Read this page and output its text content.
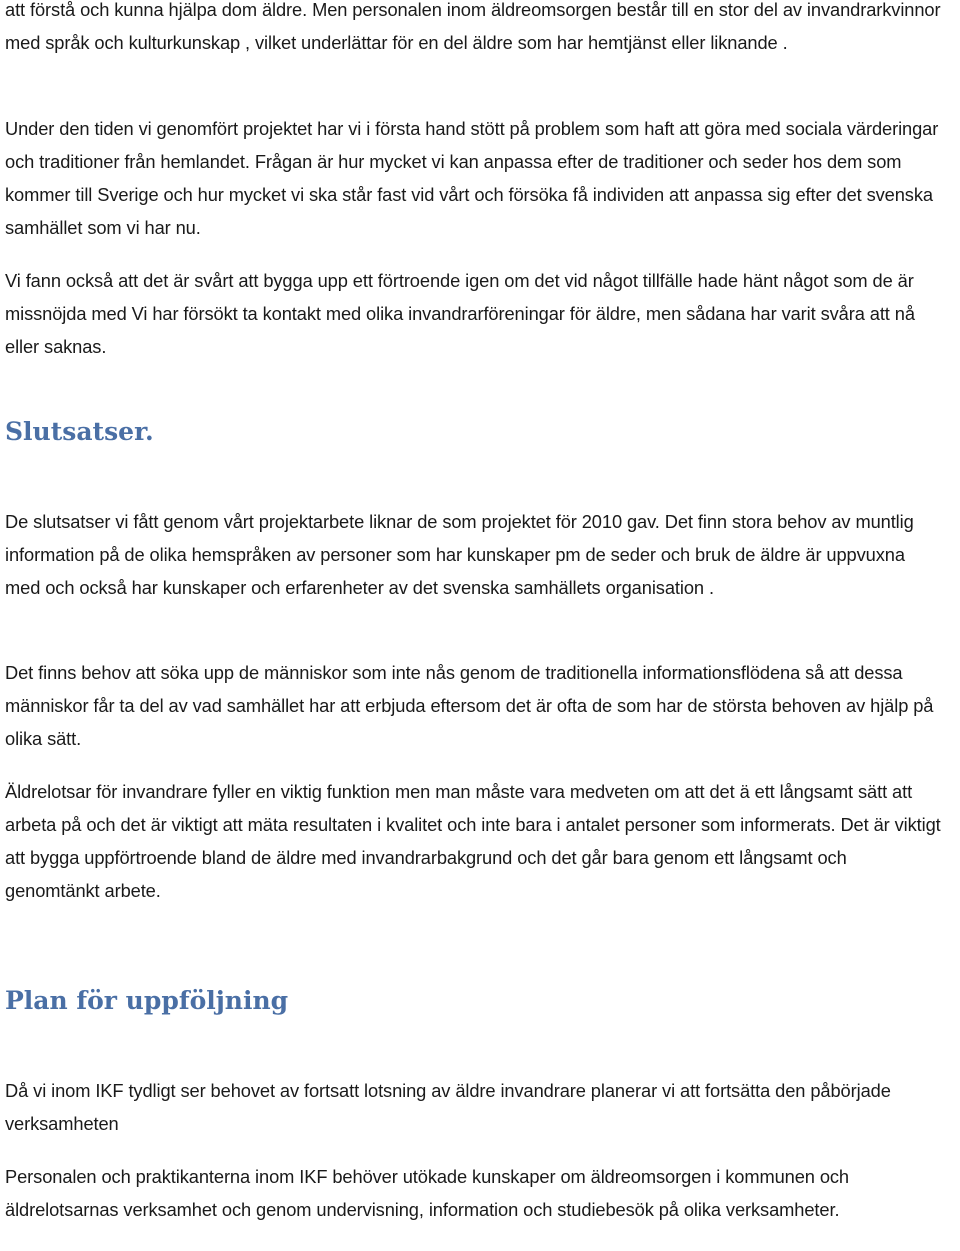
att förstå och kunna hjälpa dom äldre. Men personalen inom äldreomsorgen består till en stor del av invandrarkvinnor med språk och kulturkunskap , vilket underlättar för en del äldre som har hemtjänst eller liknande .

Under den tiden vi genomfört projektet har vi i första hand stött på problem som haft att göra med sociala värderingar och traditioner från hemlandet. Frågan är hur mycket vi kan anpassa efter de traditioner och seder hos dem som kommer till Sverige och hur mycket vi ska står fast vid vårt och försöka få individen att anpassa sig efter det svenska samhället som vi har nu.

Vi fann också att det är svårt att bygga upp ett förtroende igen om det vid något tillfälle hade hänt något som de är missnöjda med Vi har försökt ta kontakt med olika invandrarföreningar för äldre, men sådana har varit svåra att nå eller saknas.

Slutsatser.

De slutsatser vi fått genom vårt projektarbete liknar de som projektet för 2010 gav. Det finn stora behov av muntlig information på de olika hemspråken av personer som har kunskaper pm de seder och bruk de äldre är uppvuxna med och också har kunskaper och erfarenheter av det svenska samhällets organisation .

Det finns behov att söka upp de människor som inte nås genom de traditionella informationsflödena så att dessa människor får ta del av vad samhället har att erbjuda eftersom det är ofta de som har de största behoven av hjälp på olika sätt.

Äldrelotsar för invandrare fyller en viktig funktion men man måste vara medveten om att det ä ett långsamt sätt att arbeta på och det är viktigt att mäta resultaten i kvalitet och inte bara i antalet personer som informerats. Det är viktigt att bygga uppförtroende bland de äldre med invandrarbakgrund och det går bara genom ett långsamt och genomtänkt arbete.

Plan för uppföljning

Då vi inom IKF tydligt ser behovet av fortsatt lotsning av äldre invandrare planerar vi att fortsätta den påbörjade verksamheten

Personalen och praktikanterna inom IKF behöver utökade kunskaper om äldreomsorgen i kommunen och äldrelotsarnas verksamhet och genom undervisning, information och studiebesök på olika verksamheter.
